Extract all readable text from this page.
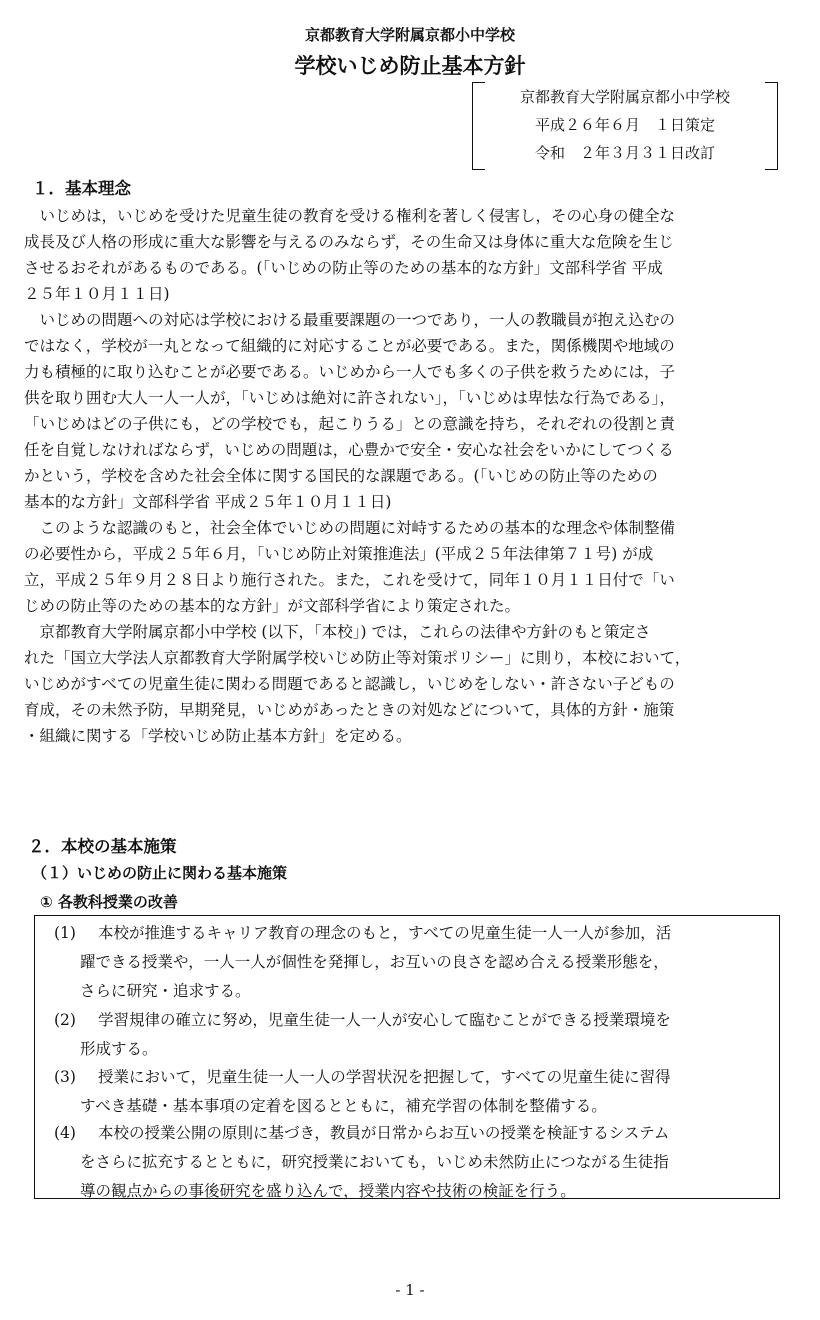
京都教育大学附属京都小中学校
学校いじめ防止基本方針
京都教育大学附属京都小中学校
平成２６年６月　１日策定
令和　２年３月３１日改訂
１．基本理念
　いじめは，いじめを受けた児童生徒の教育を受ける権利を著しく侵害し，その心身の健全な
成長及び人格の形成に重大な影響を与えるのみならず，その生命又は身体に重大な危険を生じ
させるおそれがあるものである。(「いじめの防止等のための基本的な方針」文部科学省 平成
２５年１０月１１日)
　いじめの問題への対応は学校における最重要課題の一つであり，一人の教職員が抱え込むの
ではなく，学校が一丸となって組織的に対応することが必要である。また，関係機関や地域の
力も積極的に取り込むことが必要である。いじめから一人でも多くの子供を救うためには，子
供を取り囲む大人一人一人が，「いじめは絶対に許されない」，「いじめは卑怯な行為である」，
「いじめはどの子供にも，どの学校でも，起こりうる」との意識を持ち，それぞれの役割と責
任を自覚しなければならず，いじめの問題は，心豊かで安全・安心な社会をいかにしてつくる
かという，学校を含めた社会全体に関する国民的な課題である。(「いじめの防止等のための
基本的な方針」文部科学省 平成２５年１０月１１日)
　このような認識のもと，社会全体でいじめの問題に対峙するための基本的な理念や体制整備
の必要性から，平成２５年６月，「いじめ防止対策推進法」(平成２５年法律第７１号) が成
立，平成２５年９月２８日より施行された。また，これを受けて，同年１０月１１日付で「い
じめの防止等のための基本的な方針」が文部科学省により策定された。
　京都教育大学附属京都小中学校 (以下，「本校」) では，これらの法律や方針のもと策定さ
れた「国立大学法人京都教育大学附属学校いじめ防止等対策ポリシー」に則り，本校において，
いじめがすべての児童生徒に関わる問題であると認識し，いじめをしない・許さない子どもの
育成，その未然予防，早期発見，いじめがあったときの対処などについて，具体的方針・施策
・組織に関する「学校いじめ防止基本方針」を定める。
２．本校の基本施策
（１）いじめの防止に関わる基本施策
① 各教科授業の改善
(1)	本校が推進するキャリア教育の理念のもと，すべての児童生徒一人一人が参加，活
躍できる授業や，一人一人が個性を発揮し，お互いの良さを認め合える授業形態を，
さらに研究・追求する。
(2)	学習規律の確立に努め，児童生徒一人一人が安心して臨むことができる授業環境を
形成する。
(3)	授業において，児童生徒一人一人の学習状況を把握して，すべての児童生徒に習得
すべき基礎・基本事項の定着を図るとともに，補充学習の体制を整備する。
(4)	本校の授業公開の原則に基づき，教員が日常からお互いの授業を検証するシステム
をさらに拡充するとともに，研究授業においても，いじめ未然防止につながる生徒指
導の観点からの事後研究を盛り込んで，授業内容や技術の検証を行う。
- 1 -
